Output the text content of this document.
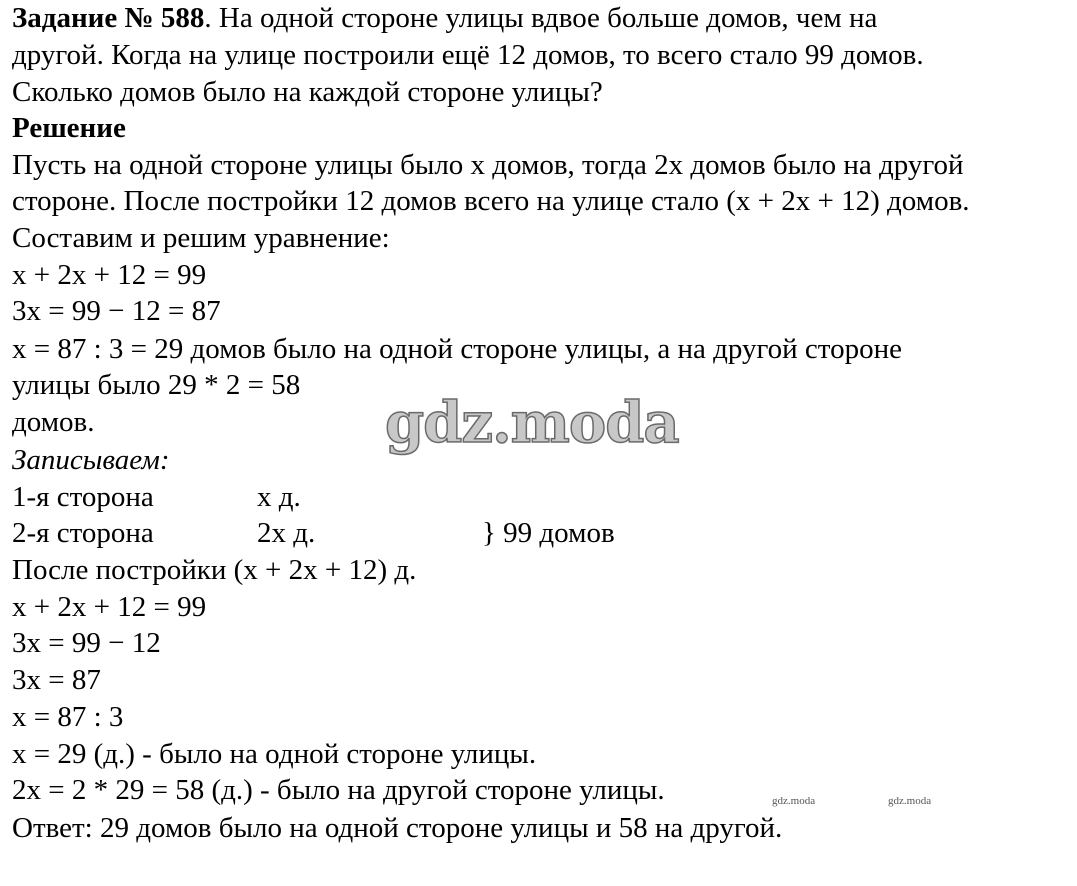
Задание № 588. На одной стороне улицы вдвое больше домов, чем на
другой. Когда на улице построили ещё 12 домов, то всего стало 99 домов.
Сколько домов было на каждой стороне улицы?
Решение
Пусть на одной стороне улицы было х домов, тогда 2х домов было на другой
стороне. После постройки 12 домов всего на улице стало (х + 2х + 12) домов.
Составим и решим уравнение:
х + 2х + 12 = 99
3х = 99 − 12 = 87
х = 87 : 3 = 29 домов было на одной стороне улицы, а на другой стороне
улицы было 29 * 2 = 58
домов.
Записываем:
1-я сторона	х д.
2-я сторона	2х д.	} 99 домов
После постройки (х + 2х + 12) д.
х + 2х + 12 = 99
3х = 99 − 12
3х = 87
х = 87 : 3
х = 29 (д.) - было на одной стороне улицы.
2х = 2 * 29 = 58 (д.) - было на другой стороне улицы.
Ответ: 29 домов было на одной стороне улицы и 58 на другой.
gdz.moda
gdz.moda	gdz.moda
